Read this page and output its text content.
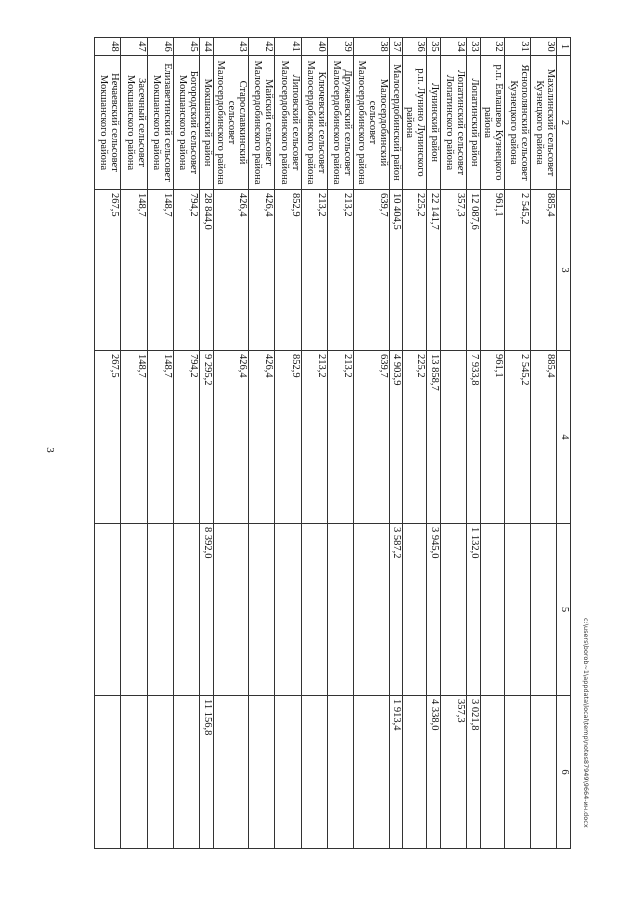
3
1	2	3	4	5	6
30	Махалинский сельсовет Кузнецкого района	885,4	885,4		
31	Яснополянский сельсовет Кузнецкого района	2 545,2	2 545,2		
32	р.п. Евлашево Кузнецкого района	961,1	961,1		
33	Лопатинский район	12 087,6	7 933,8	1 132,0	3 021,8
34	Лопатинский сельсовет Лопатинского района	357,3			357,3
35	Лунинский район	22 141,7	13 858,7	3 945,0	4 338,0
36	р.п. Лунино Лунинского района	225,2	225,2		
37	Малосердобинский район	10 404,5	4 903,9	3 587,2	1 913,4
38	Малосердобинский сельсовет Малосердобинского района	639,7	639,7		
39	Дружаевский сельсовет Малосердобинского района	213,2	213,2		
40	Ключевский сельсовет Малосердобинского района	213,2	213,2		
41	Липовский сельсовет Малосердобинского района	852,9	852,9		
42	Майский сельсовет Малосердобинского района	426,4	426,4		
43	Старославкинский сельсовет Малосердобинского района	426,4	426,4		
44	Мокшанский район	28 844,0	9 295,2	8 392,0	11 156,8
45	Богородский сельсовет Мокшанского района	794,2	794,2		
46	Елизаветинский сельсовет Мокшанского района	148,7	148,7		
47	Засечный сельсовет Мокшанского района	148,7	148,7		
48	Нечаевский сельсовет Мокшанского района	267,5	267,5		
c:\users\borob~1\appdata\local\temp\notes87949\9664-ин.docx
